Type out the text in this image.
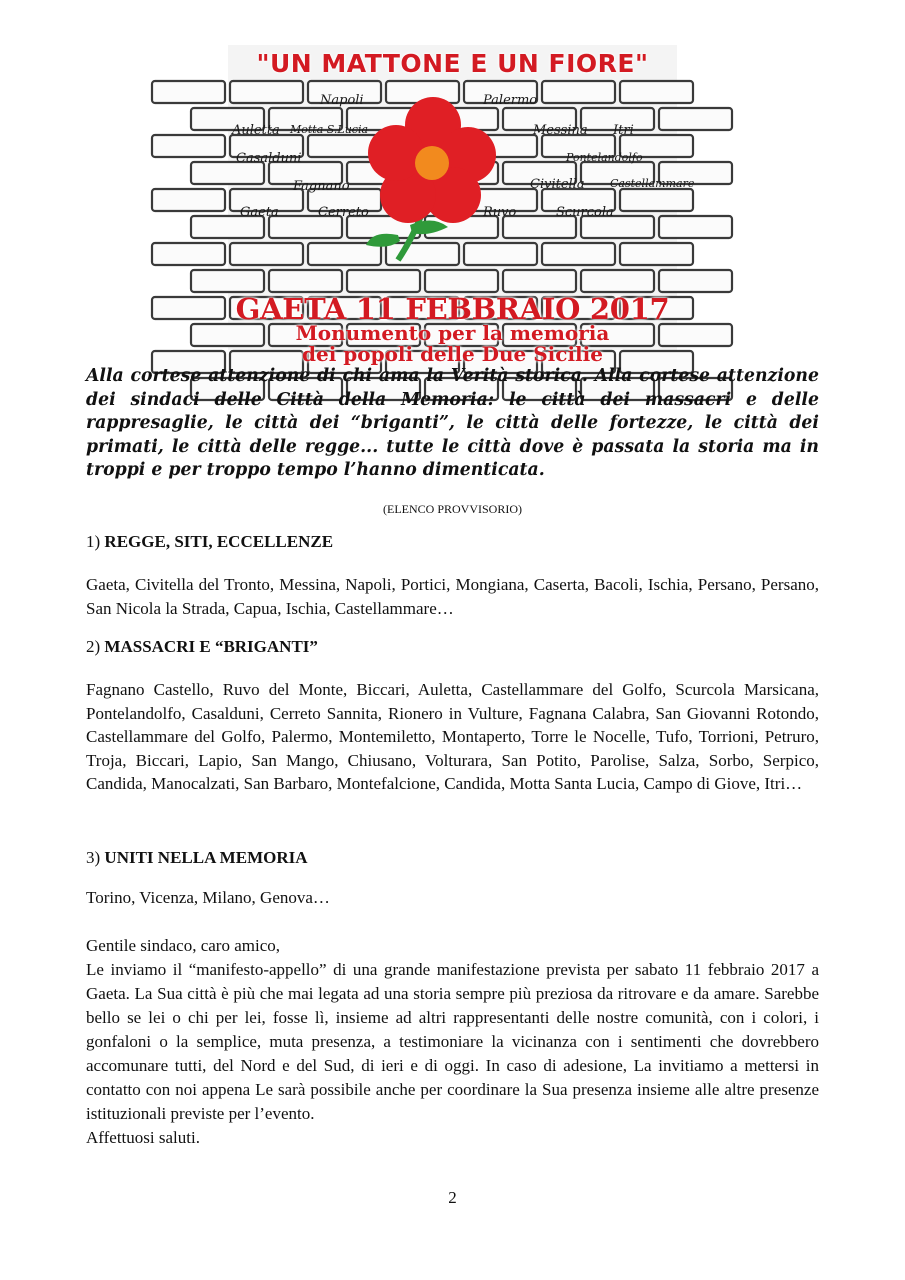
"UN MATTONE E UN FIORE"
Napoli	Palermo
Auletta Motta S.Lucia	Messina Itri
Casalduni	Pontelandolfo
Fagnano	Civitella Castellammare
Gaeta	Cerreto	Ruvo	Scurcola
GAETA 11 FEBBRAIO 2017
Monumento per la memoria
dei popoli delle Due Sicilie

Alla cortese attenzione di chi ama la Verità storica. Alla cortese attenzione dei sindaci delle Città della Memoria: le città dei massacri e delle rappresaglie, le città dei “briganti”, le città delle fortezze, le città dei primati, le città delle regge... tutte le città dove è passata la storia ma in troppi e per troppo tempo l’hanno dimenticata.

(ELENCO PROVVISORIO)

1) REGGE, SITI, ECCELLENZE

Gaeta, Civitella del Tronto, Messina, Napoli, Portici, Mongiana, Caserta, Bacoli, Ischia, Persano, Persano, San Nicola la Strada, Capua, Ischia, Castellammare…

2) MASSACRI E “BRIGANTI”

Fagnano Castello, Ruvo del Monte, Biccari, Auletta, Castellammare del Golfo, Scurcola Marsicana, Pontelandolfo, Casalduni, Cerreto Sannita, Rionero in Vulture, Fagnana Calabra, San Giovanni Rotondo, Castellammare del Golfo, Palermo, Montemiletto, Montaperto, Torre le Nocelle, Tufo, Torrioni, Petruro, Troja, Biccari, Lapio, San Mango, Chiusano, Volturara, San Potito, Parolise, Salza, Sorbo, Serpico, Candida, Manocalzati, San Barbaro, Montefalcione, Candida, Motta Santa Lucia, Campo di Giove, Itri…

3) UNITI NELLA MEMORIA

Torino, Vicenza, Milano, Genova…

Gentile sindaco, caro amico,

Le inviamo il “manifesto-appello” di una grande manifestazione prevista per sabato 11 febbraio 2017 a Gaeta. La Sua città è più che mai legata ad una storia sempre più preziosa da ritrovare e da amare. Sarebbe bello se lei o chi per lei, fosse lì, insieme ad altri rappresentanti delle nostre comunità, con i colori, i gonfaloni o la semplice, muta presenza, a testimoniare la vicinanza con i sentimenti che dovrebbero accomunare tutti, del Nord e del Sud, di ieri e di oggi. In caso di adesione, La invitiamo a mettersi in contatto con noi appena Le sarà possibile anche per coordinare la Sua presenza insieme alle altre presenze istituzionali previste per l’evento.

Affettuosi saluti.

2
